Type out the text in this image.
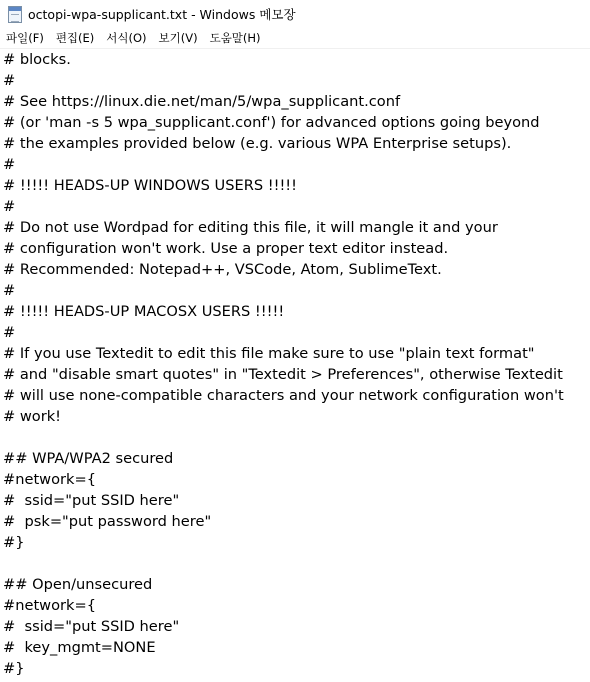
octopi-wpa-supplicant.txt - Windows 메모장
파일(F)	편집(E)	서식(O)	보기(V)	도움말(H)
# blocks.
#
# See https://linux.die.net/man/5/wpa_supplicant.conf
# (or 'man -s 5 wpa_supplicant.conf') for advanced options going beyond
# the examples provided below (e.g. various WPA Enterprise setups).
#
# !!!!! HEADS-UP WINDOWS USERS !!!!!
#
# Do not use Wordpad for editing this file, it will mangle it and your
# configuration won't work. Use a proper text editor instead.
# Recommended: Notepad++, VSCode, Atom, SublimeText.
#
# !!!!! HEADS-UP MACOSX USERS !!!!!
#
# If you use Textedit to edit this file make sure to use "plain text format"
# and "disable smart quotes" in "Textedit > Preferences", otherwise Textedit
# will use none-compatible characters and your network configuration won't
# work!
## WPA/WPA2 secured
#network={
#  ssid="put SSID here"
#  psk="put password here"
#}
## Open/unsecured
#network={
#  ssid="put SSID here"
#  key_mgmt=NONE
#}
